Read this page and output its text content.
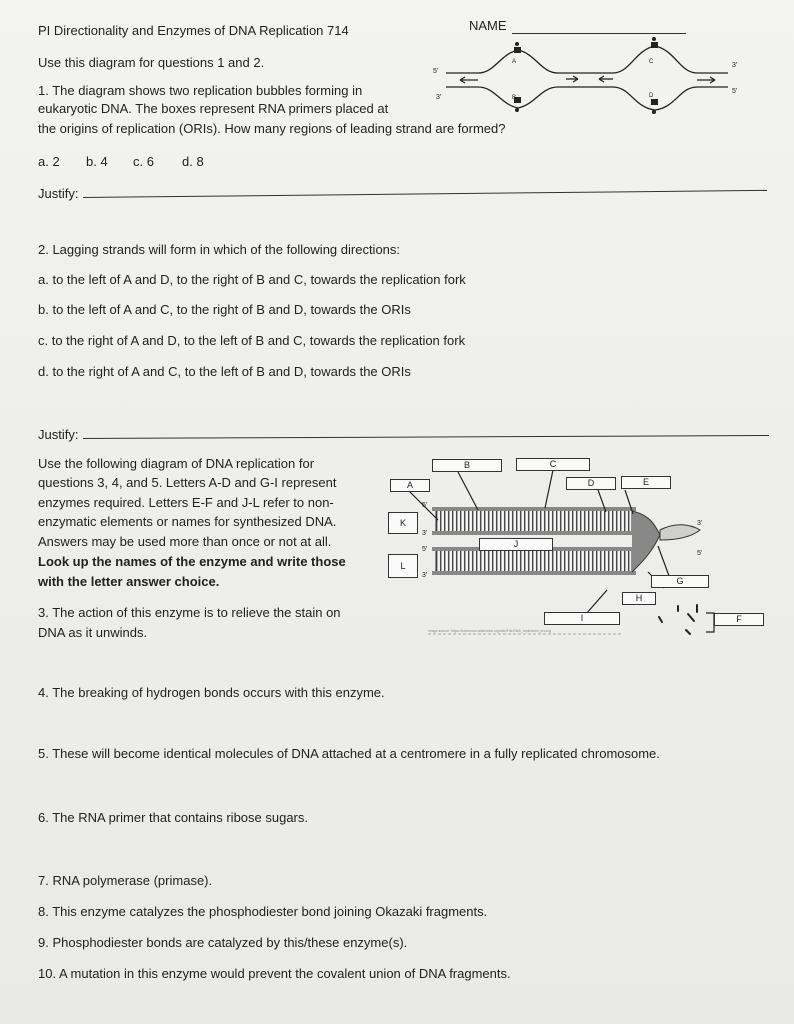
PI Directionality and Enzymes of DNA Replication 714	NAME
Use this diagram for questions 1 and 2.
5'
3'
3'
5'
A
B
C
D
1. The diagram shows two replication bubbles forming in
eukaryotic DNA. The boxes represent RNA primers placed at
the origins of replication (ORIs). How many regions of leading strand are formed?
a. 2 b. 4 c. 6 d. 8
Justify:
2. Lagging strands will form in which of the following directions:
a. to the left of A and D, to the right of B and C, towards the replication fork
b. to the left of A and C, to the right of B and D, towards the ORIs
c. to the right of A and D, to the left of B and C, towards the replication fork
d. to the right of A and C, to the left of B and D, towards the ORIs
Justify:
Use the following diagram of DNA replication for
questions 3, 4, and 5. Letters A-D and G-I represent
enzymes required. Letters E-F and J-L refer to non-
enzymatic elements or names for synthesized DNA.
Answers may be used more than once or not at all.
Look up the names of the enzyme and write those
with the letter answer choice.
B	C
A	D	E
K
J
L
G
H
I	F
5'
3'
5'
3'
3'
5'
image source: https://commons.wikimedia.org/wiki/File:DNA_replication_en.svg
3. The action of this enzyme is to relieve the stain on
DNA as it unwinds.
4. The breaking of hydrogen bonds occurs with this enzyme.
5. These will become identical molecules of DNA attached at a centromere in a fully replicated chromosome.
6. The RNA primer that contains ribose sugars.
7. RNA polymerase (primase).
8. This enzyme catalyzes the phosphodiester bond joining Okazaki fragments.
9. Phosphodiester bonds are catalyzed by this/these enzyme(s).
10. A mutation in this enzyme would prevent the covalent union of DNA fragments.
